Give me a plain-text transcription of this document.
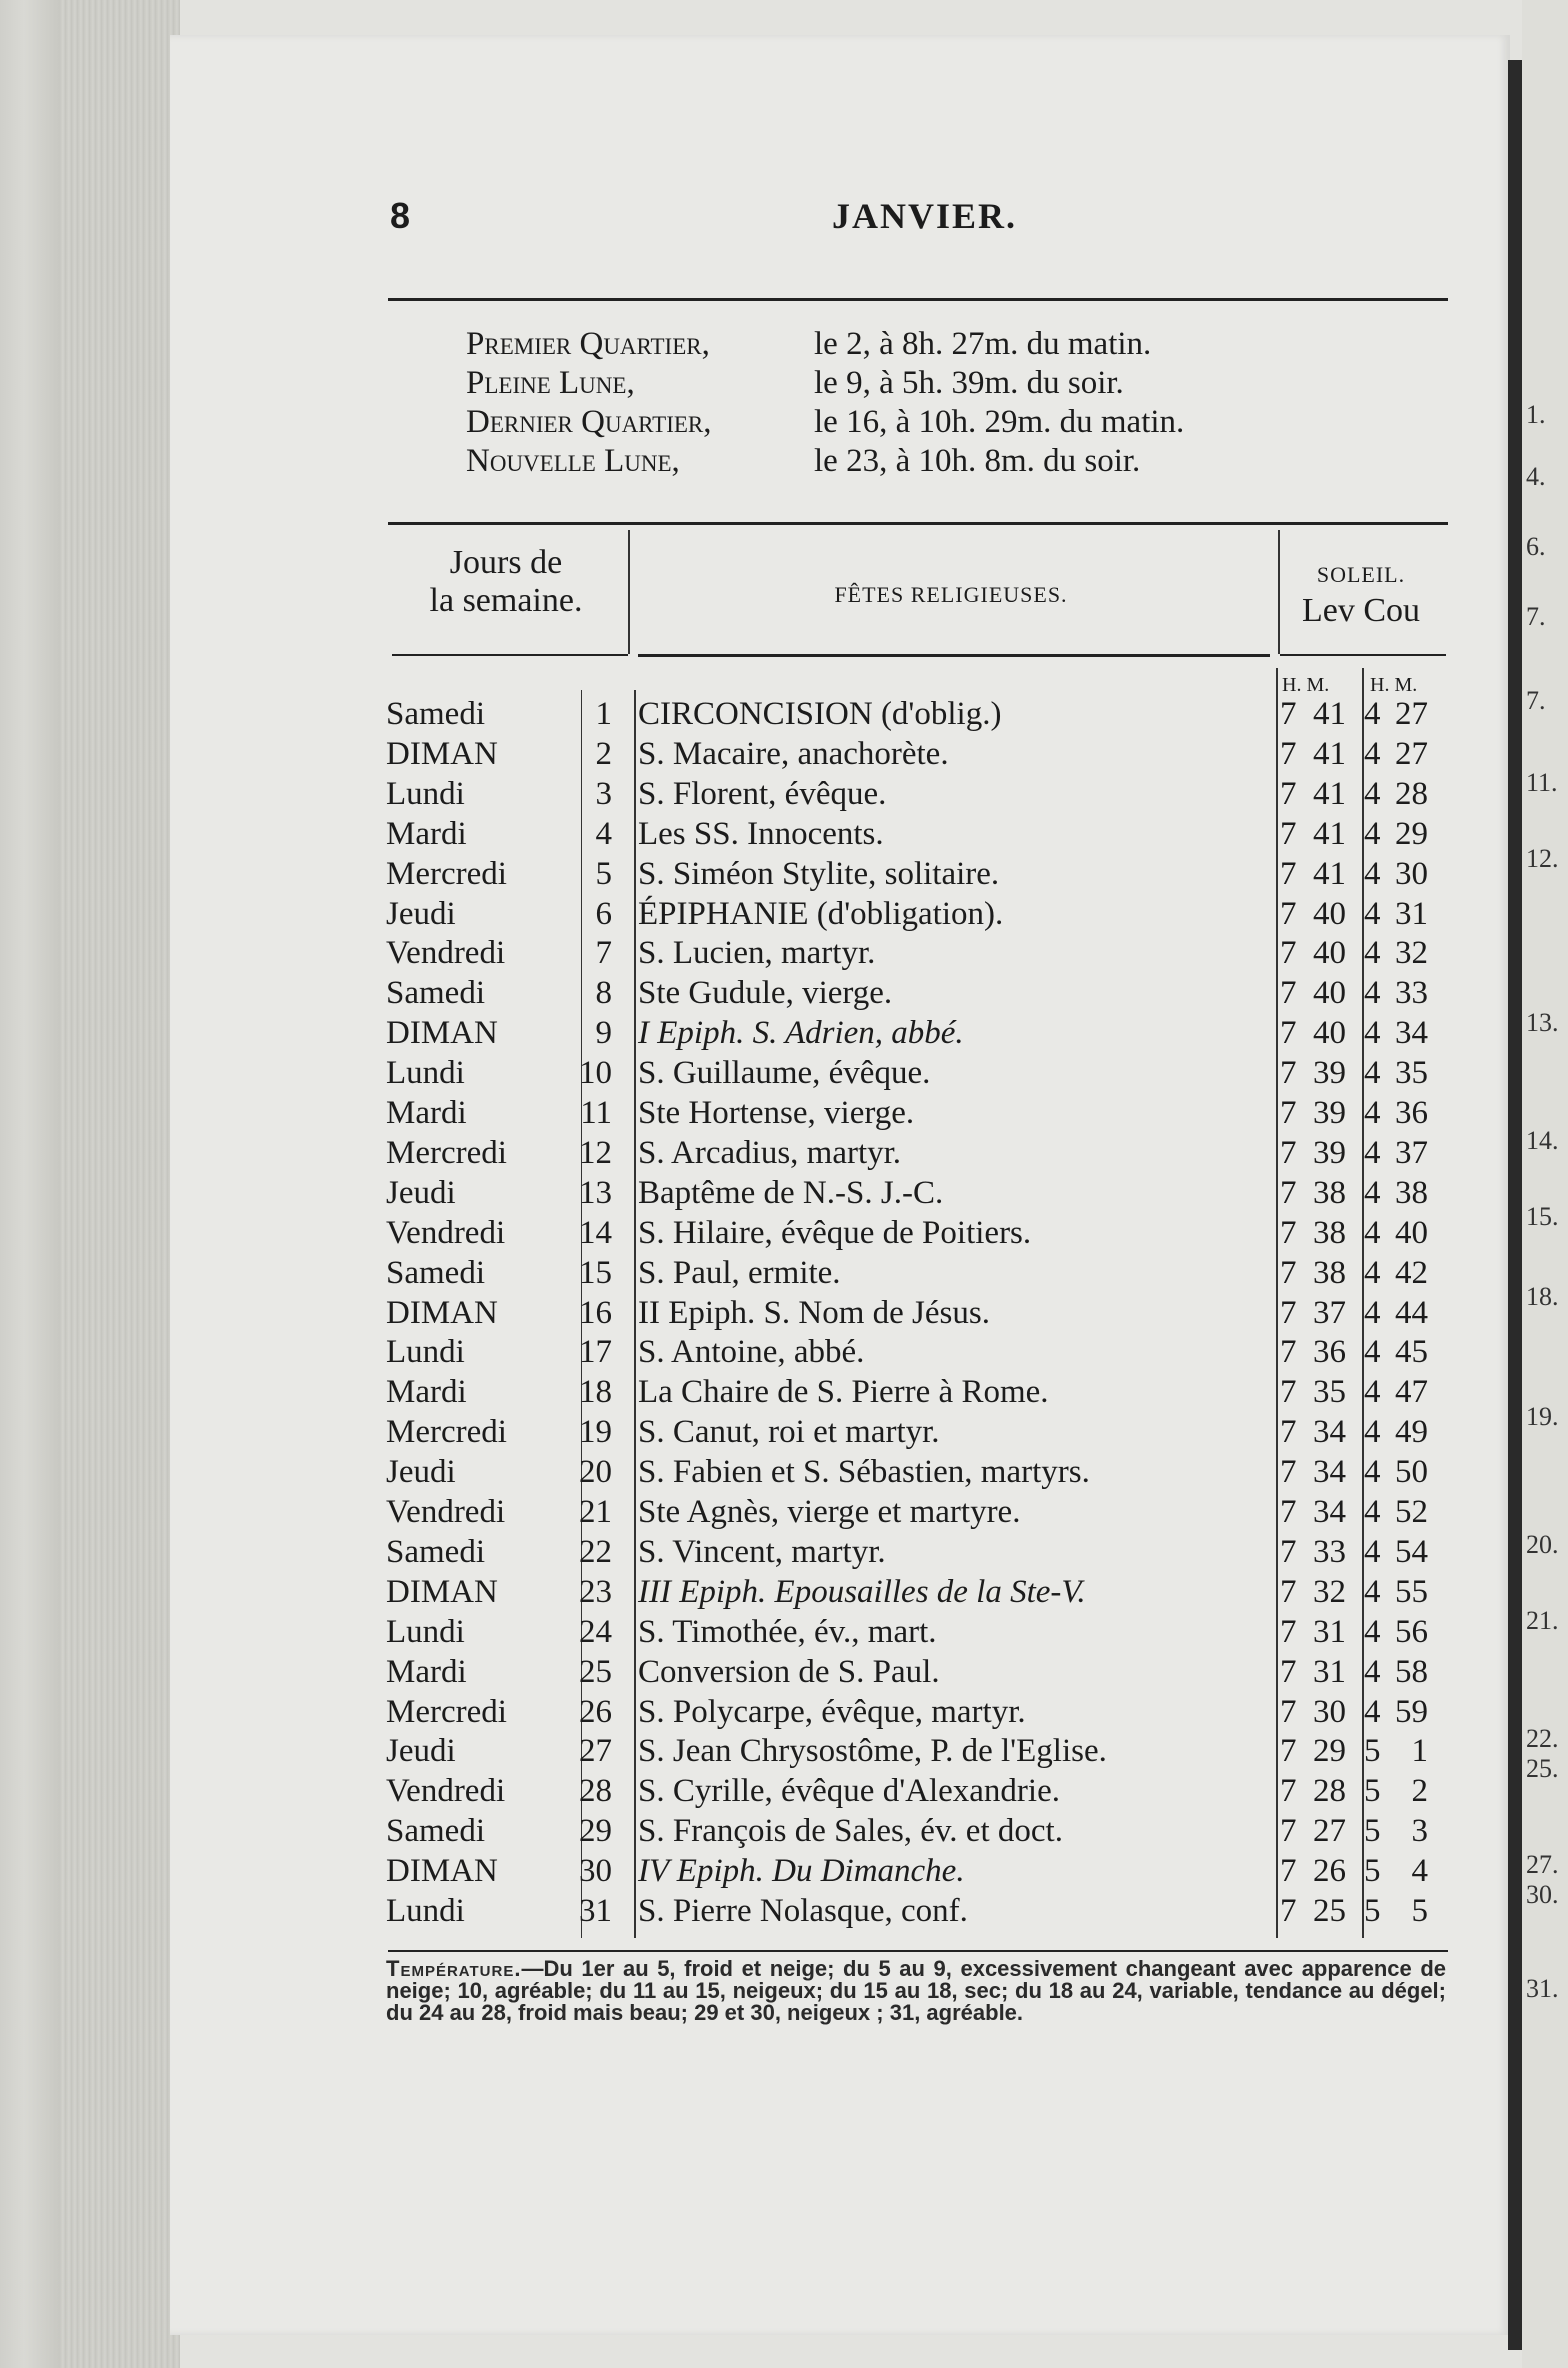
1.
4.
6.
7.
7.
11.
12.
13.
14.
15.
18.
19.
20.
21.
22.
25.
27.
30.
31.
8	JANVIER.
Premier Quartier,	le 2, à 8h. 27m. du matin.
Pleine Lune,	le 9, à 5h. 39m. du soir.
Dernier Quartier,	le 16, à 10h. 29m. du matin.
Nouvelle Lune,	le 23, à 10h. 8m. du soir.
Jours de
la semaine.	FÊTES RELIGIEUSES.
SOLEIL.
Lev Cou
H. M. H. M.
Samedi	1 CIRCONCISION (d'oblig.)	7 41 4 27
DIMAN	2 S. Macaire, anachorète.	7 41 4 27
Lundi	3 S. Florent, évêque.	7 41 4 28
Mardi	4 Les SS. Innocents.	7 41 4 29
Mercredi	5 S. Siméon Stylite, solitaire.	7 41 4 30
Jeudi	6 ÉPIPHANIE (d'obligation).	7 40 4 31
Vendredi	7 S. Lucien, martyr.	7 40 4 32
Samedi	8 Ste Gudule, vierge.	7 40 4 33
DIMAN	9 I Epiph. S. Adrien, abbé.	7 40 4 34
Lundi	10 S. Guillaume, évêque.	7 39 4 35
Mardi	11 Ste Hortense, vierge.	7 39 4 36
Mercredi	12 S. Arcadius, martyr.	7 39 4 37
Jeudi	13 Baptême de N.-S. J.-C.	7 38 4 38
Vendredi	14 S. Hilaire, évêque de Poitiers.	7 38 4 40
Samedi	15 S. Paul, ermite.	7 38 4 42
DIMAN	16 II Epiph. S. Nom de Jésus.	7 37 4 44
Lundi	17 S. Antoine, abbé.	7 36 4 45
Mardi	18 La Chaire de S. Pierre à Rome.	7 35 4 47
Mercredi	19 S. Canut, roi et martyr.	7 34 4 49
Jeudi	20 S. Fabien et S. Sébastien, martyrs.	7 34 4 50
Vendredi	21 Ste Agnès, vierge et martyre.	7 34 4 52
Samedi	22 S. Vincent, martyr.	7 33 4 54
DIMAN	23 III Epiph. Epousailles de la Ste-V.	7 32 4 55
Lundi	24 S. Timothée, év., mart.	7 31 4 56
Mardi	25 Conversion de S. Paul.	7 31 4 58
Mercredi	26 S. Polycarpe, évêque, martyr.	7 30 4 59
Jeudi	27 S. Jean Chrysostôme, P. de l'Eglise.	7 29 5 1
Vendredi	28 S. Cyrille, évêque d'Alexandrie.	7 28 5 2
Samedi	29 S. François de Sales, év. et doct.	7 27 5 3
DIMAN	30 IV Epiph. Du Dimanche.	7 26 5 4
Lundi	31 S. Pierre Nolasque, conf.	7 25 5 5
Température.—Du 1er au 5, froid et neige; du 5 au 9, excessivement changeant avec apparence de neige; 10, agréable; du 11 au 15, neigeux; du 15 au 18, sec; du 18 au 24, variable, tendance au dégel; du 24 au 28, froid mais beau; 29 et 30, neigeux ; 31, agréable.
